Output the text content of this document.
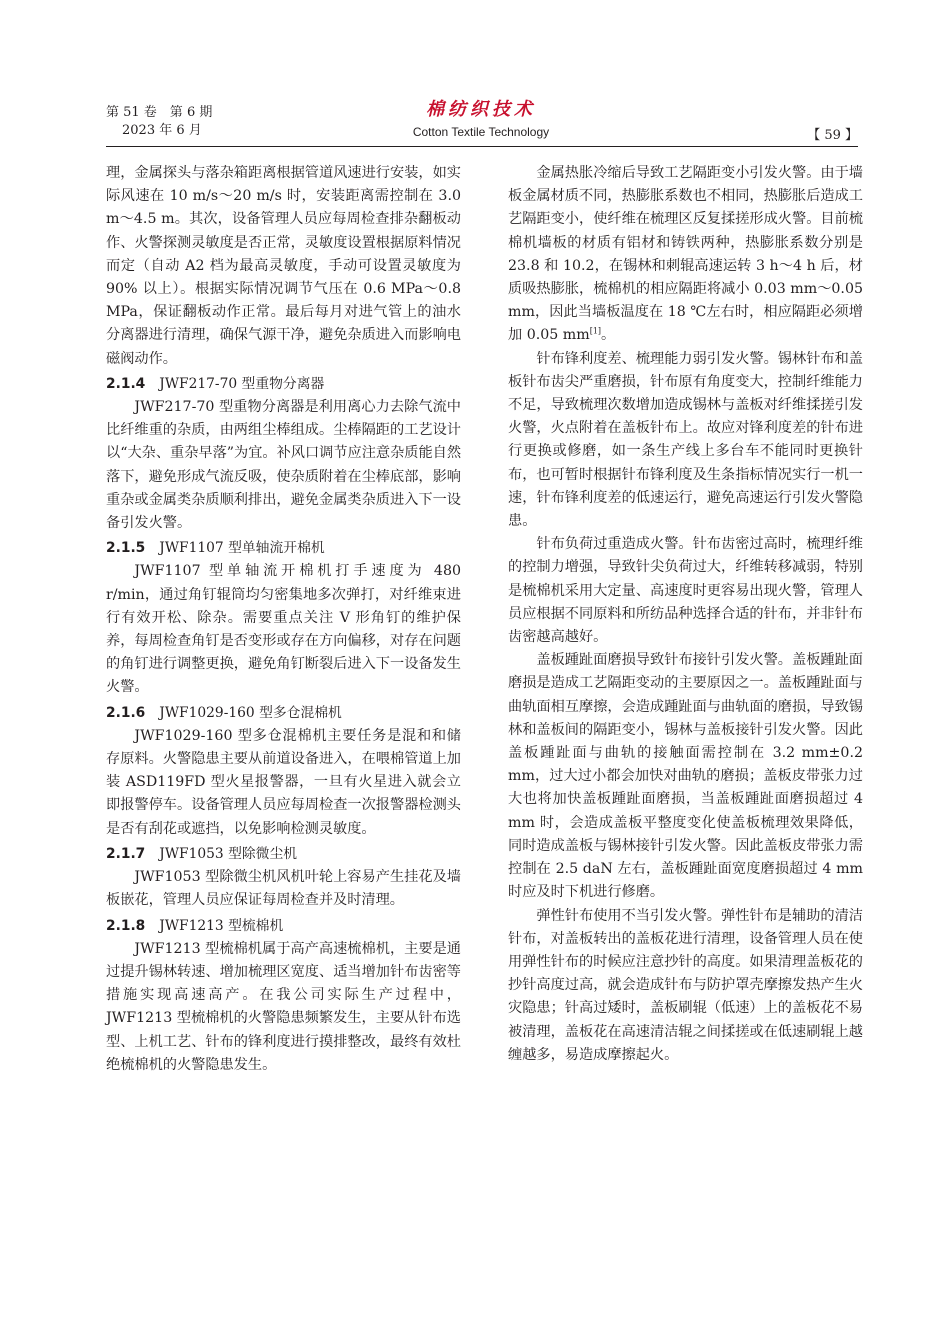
第 51 卷　第 6 期
2023 年 6 月
棉纺织技术
Cotton Textile Technology	【 59 】

理，金属探头与落杂箱距离根据管道风速进行安装，如实际风速在 10 m/s～20 m/s 时，安装距离需控制在 3.0 m～4.5 m。其次，设备管理人员应每周检查排杂翻板动作、火警探测灵敏度是否正常，灵敏度设置根据原料情况而定（自动 A2 档为最高灵敏度，手动可设置灵敏度为 90% 以上）。根据实际情况调节气压在 0.6 MPa～0.8 MPa，保证翻板动作正常。最后每月对进气管上的油水分离器进行清理，确保气源干净，避免杂质进入而影响电磁阀动作。

2.1.4 JWF217-70 型重物分离器

JWF217-70 型重物分离器是利用离心力去除气流中比纤维重的杂质，由两组尘棒组成。尘棒隔距的工艺设计以“大杂、重杂早落”为宜。补风口调节应注意杂质能自然落下，避免形成气流反吸，使杂质附着在尘棒底部，影响重杂或金属类杂质顺利排出，避免金属类杂质进入下一设备引发火警。

2.1.5 JWF1107 型单轴流开棉机

JWF1107 型单轴流开棉机打手速度为 480 r/min，通过角钉辊筒均匀密集地多次弹打，对纤维束进行有效开松、除杂。需要重点关注 V 形角钉的维护保养，每周检查角钉是否变形或存在方向偏移，对存在问题的角钉进行调整更换，避免角钉断裂后进入下一设备发生火警。

2.1.6 JWF1029-160 型多仓混棉机

JWF1029-160 型多仓混棉机主要任务是混和和储存原料。火警隐患主要从前道设备进入，在喂棉管道上加装 ASD119FD 型火星报警器，一旦有火星进入就会立即报警停车。设备管理人员应每周检查一次报警器检测头是否有刮花或遮挡，以免影响检测灵敏度。

2.1.7 JWF1053 型除微尘机

JWF1053 型除微尘机风机叶轮上容易产生挂花及墙板嵌花，管理人员应保证每周检查并及时清理。

2.1.8 JWF1213 型梳棉机

JWF1213 型梳棉机属于高产高速梳棉机，主要是通过提升锡林转速、增加梳理区宽度、适当增加针布齿密等措施实现高速高产。在我公司实际生产过程中，JWF1213 型梳棉机的火警隐患频繁发生，主要从针布选型、上机工艺、针布的锋利度进行摸排整改，最终有效杜绝梳棉机的火警隐患发生。

金属热胀冷缩后导致工艺隔距变小引发火警。由于墙板金属材质不同，热膨胀系数也不相同，热膨胀后造成工艺隔距变小，使纤维在梳理区反复揉搓形成火警。目前梳棉机墙板的材质有铝材和铸铁两种，热膨胀系数分别是 23.8 和 10.2，在锡林和刺辊高速运转 3 h～4 h 后，材质吸热膨胀，梳棉机的相应隔距将减小 0.03 mm～0.05 mm，因此当墙板温度在 18 ℃左右时，相应隔距必须增加 0.05 mm[1]。

针布锋利度差、梳理能力弱引发火警。锡林针布和盖板针布齿尖严重磨损，针布原有角度变大，控制纤维能力不足，导致梳理次数增加造成锡林与盖板对纤维揉搓引发火警，火点附着在盖板针布上。故应对锋利度差的针布进行更换或修磨，如一条生产线上多台车不能同时更换针布，也可暂时根据针布锋利度及生条指标情况实行一机一速，针布锋利度差的低速运行，避免高速运行引发火警隐患。

针布负荷过重造成火警。针布齿密过高时，梳理纤维的控制力增强，导致针尖负荷过大，纤维转移减弱，特别是梳棉机采用大定量、高速度时更容易出现火警，管理人员应根据不同原料和所纺品种选择合适的针布，并非针布齿密越高越好。

盖板踵趾面磨损导致针布接针引发火警。盖板踵趾面磨损是造成工艺隔距变动的主要原因之一。盖板踵趾面与曲轨面相互摩擦，会造成踵趾面与曲轨面的磨损，导致锡林和盖板间的隔距变小，锡林与盖板接针引发火警。因此盖板踵趾面与曲轨的接触面需控制在 3.2 mm±0.2 mm，过大过小都会加快对曲轨的磨损；盖板皮带张力过大也将加快盖板踵趾面磨损，当盖板踵趾面磨损超过 4 mm 时，会造成盖板平整度变化使盖板梳理效果降低，同时造成盖板与锡林接针引发火警。因此盖板皮带张力需控制在 2.5 daN 左右，盖板踵趾面宽度磨损超过 4 mm 时应及时下机进行修磨。

弹性针布使用不当引发火警。弹性针布是辅助的清洁针布，对盖板转出的盖板花进行清理，设备管理人员在使用弹性针布的时候应注意抄针的高度。如果清理盖板花的抄针高度过高，就会造成针布与防护罩壳摩擦发热产生火灾隐患；针高过矮时，盖板刷辊（低速）上的盖板花不易被清理，盖板花在高速清洁辊之间揉搓或在低速刷辊上越缠越多，易造成摩擦起火。
